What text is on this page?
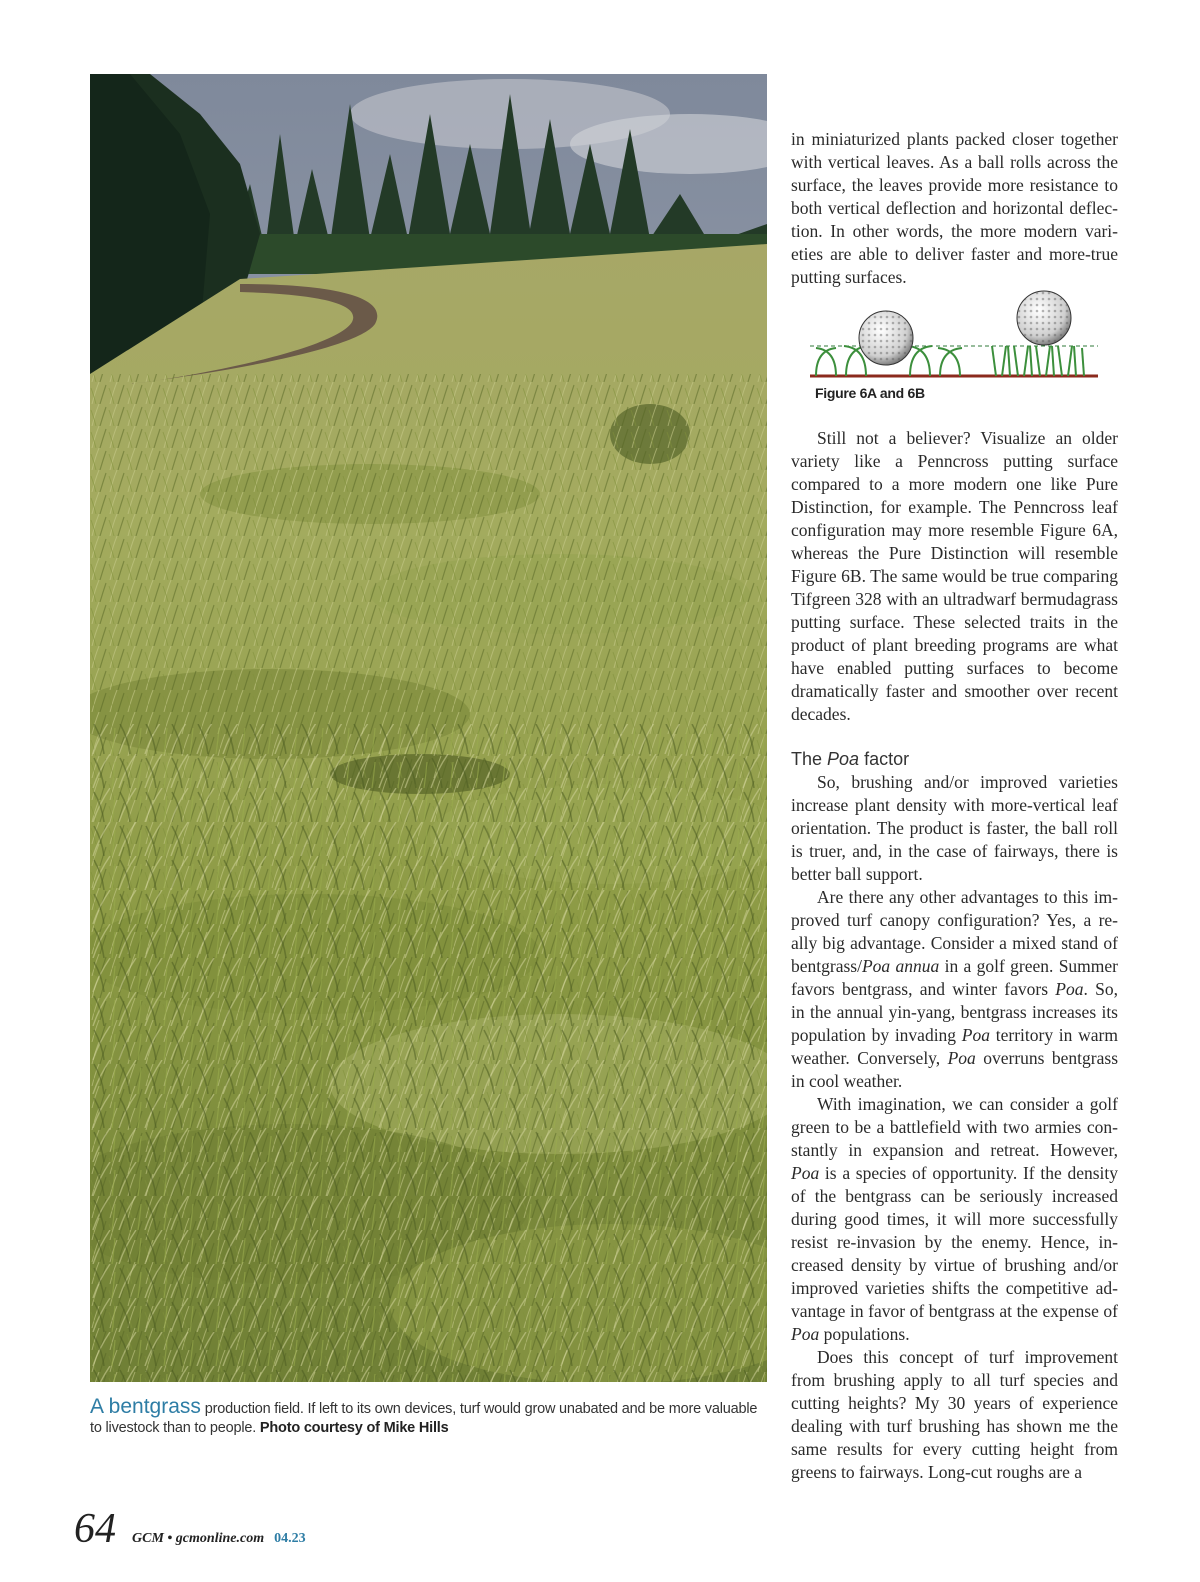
A bentgrass production field. If left to its own devices, turf would grow unabated and be more valuable to livestock than to people. Photo courtesy of Mike Hills

in miniaturized plants packed closer together with vertical leaves. As a ball rolls across the surface, the leaves provide more resistance to both vertical deflection and horizontal deflection. In other words, the more modern varieties are able to deliver faster and more-true putting surfaces.

Figure 6A and 6B

Still not a believer? Visualize an older variety like a Penncross putting surface compared to a more modern one like Pure Distinction, for example. The Penncross leaf configuration may more resemble Figure 6A, whereas the Pure Distinction will resemble Figure 6B. The same would be true comparing Tifgreen 328 with an ultradwarf bermudagrass putting surface. These selected traits in the product of plant breeding programs are what have enabled putting surfaces to become dramatically faster and smoother over recent decades.

The Poa factor

So, brushing and/or improved varieties increase plant density with more-vertical leaf orientation. The product is faster, the ball roll is truer, and, in the case of fairways, there is better ball support.

Are there any other advantages to this improved turf canopy configuration? Yes, a really big advantage. Consider a mixed stand of bentgrass/Poa annua in a golf green. Summer favors bentgrass, and winter favors Poa. So, in the annual yin-yang, bentgrass increases its population by invading Poa territory in warm weather. Conversely, Poa overruns bentgrass in cool weather.

With imagination, we can consider a golf green to be a battlefield with two armies constantly in expansion and retreat. However, Poa is a species of opportunity. If the density of the bentgrass can be seriously increased during good times, it will more successfully resist re-invasion by the enemy. Hence, increased density by virtue of brushing and/or improved varieties shifts the competitive advantage in favor of bentgrass at the expense of Poa populations.

Does this concept of turf improvement from brushing apply to all turf species and cutting heights? My 30 years of experience dealing with turf brushing has shown me the same results for every cutting height from greens to fairways. Long-cut roughs are a

64 GCM • gcmonline.com 04.23
